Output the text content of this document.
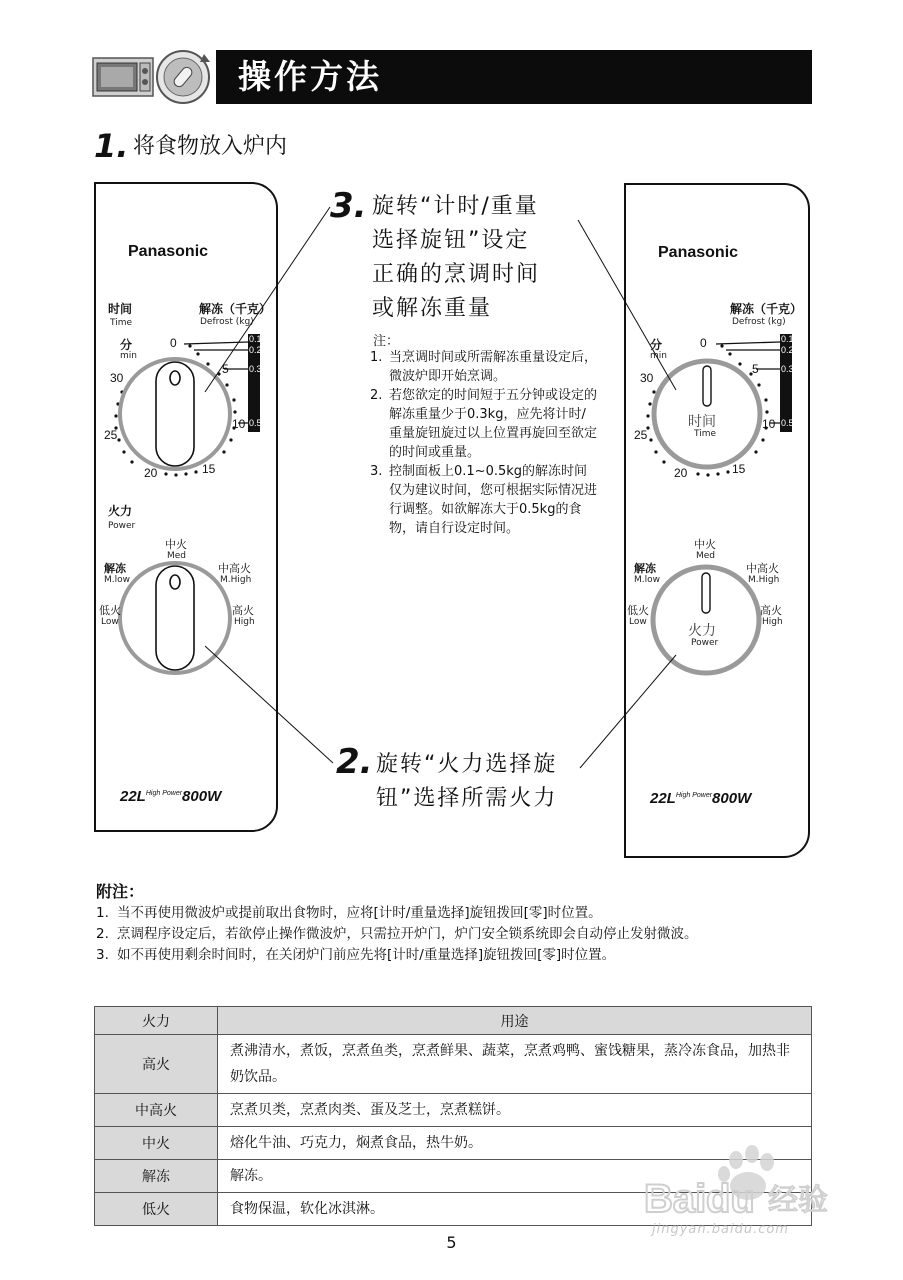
操作方法
1. 将食物放入炉内
Panasonic
时间
Time
解冻（千克）
Defrost (kg)
分
min
0
5
10
15
20
25
30
0.1
0.2
0.3
0.5
火力
Power
中火
Med
解冻
M.low
中高火
M.High
低火
Low
高火
High
$22L^{High Power}800W$
Panasonic
解冻（千克）
Defrost (kg)
分
min
0
5
10
15
20
25
30
0.1
0.2
0.3
0.5
时间
Time
中火
Med
解冻
M.low
中高火
M.High
低火
Low
高火
High
火力
Power
$22L^{High Power}800W$
3. 旋转“计时/重量
选择旋钮”设定
正确的烹调时间
或解冻重量
注：
1. 当烹调时间或所需解冻重量设定后，微波炉即开始烹调。
2. 若您欲定的时间短于五分钟或设定的解冻重量少于0.3kg，应先将计时/重量旋钮旋过以上位置再旋回至欲定的时间或重量。
3. 控制面板上0.1~0.5kg的解冻时间仅为建议时间，您可根据实际情况进行调整。如欲解冻大于0.5kg的食物，请自行设定时间。
2. 旋转“火力选择旋
钮”选择所需火力
附注：
1. 当不再使用微波炉或提前取出食物时，应将[计时/重量选择]旋钮拨回[零]时位置。
2. 烹调程序设定后，若欲停止操作微波炉，只需拉开炉门，炉门安全锁系统即会自动停止发射微波。
3. 如不再使用剩余时间时，在关闭炉门前应先将[计时/重量选择]旋钮拨回[零]时位置。
火力	用途
高火	煮沸清水，煮饭，烹煮鱼类，烹煮鲜果、蔬菜，烹煮鸡鸭、蜜饯糖果，蒸冷冻食品，加热非奶饮品。
中高火	烹煮贝类，烹煮肉类、蛋及芝士，烹煮糕饼。
中火	熔化牛油、巧克力，焖煮食品，热牛奶。
解冻	解冻。
低火	食物保温，软化冰淇淋。	Bai du 经验
jingyan.baidu.com
5
